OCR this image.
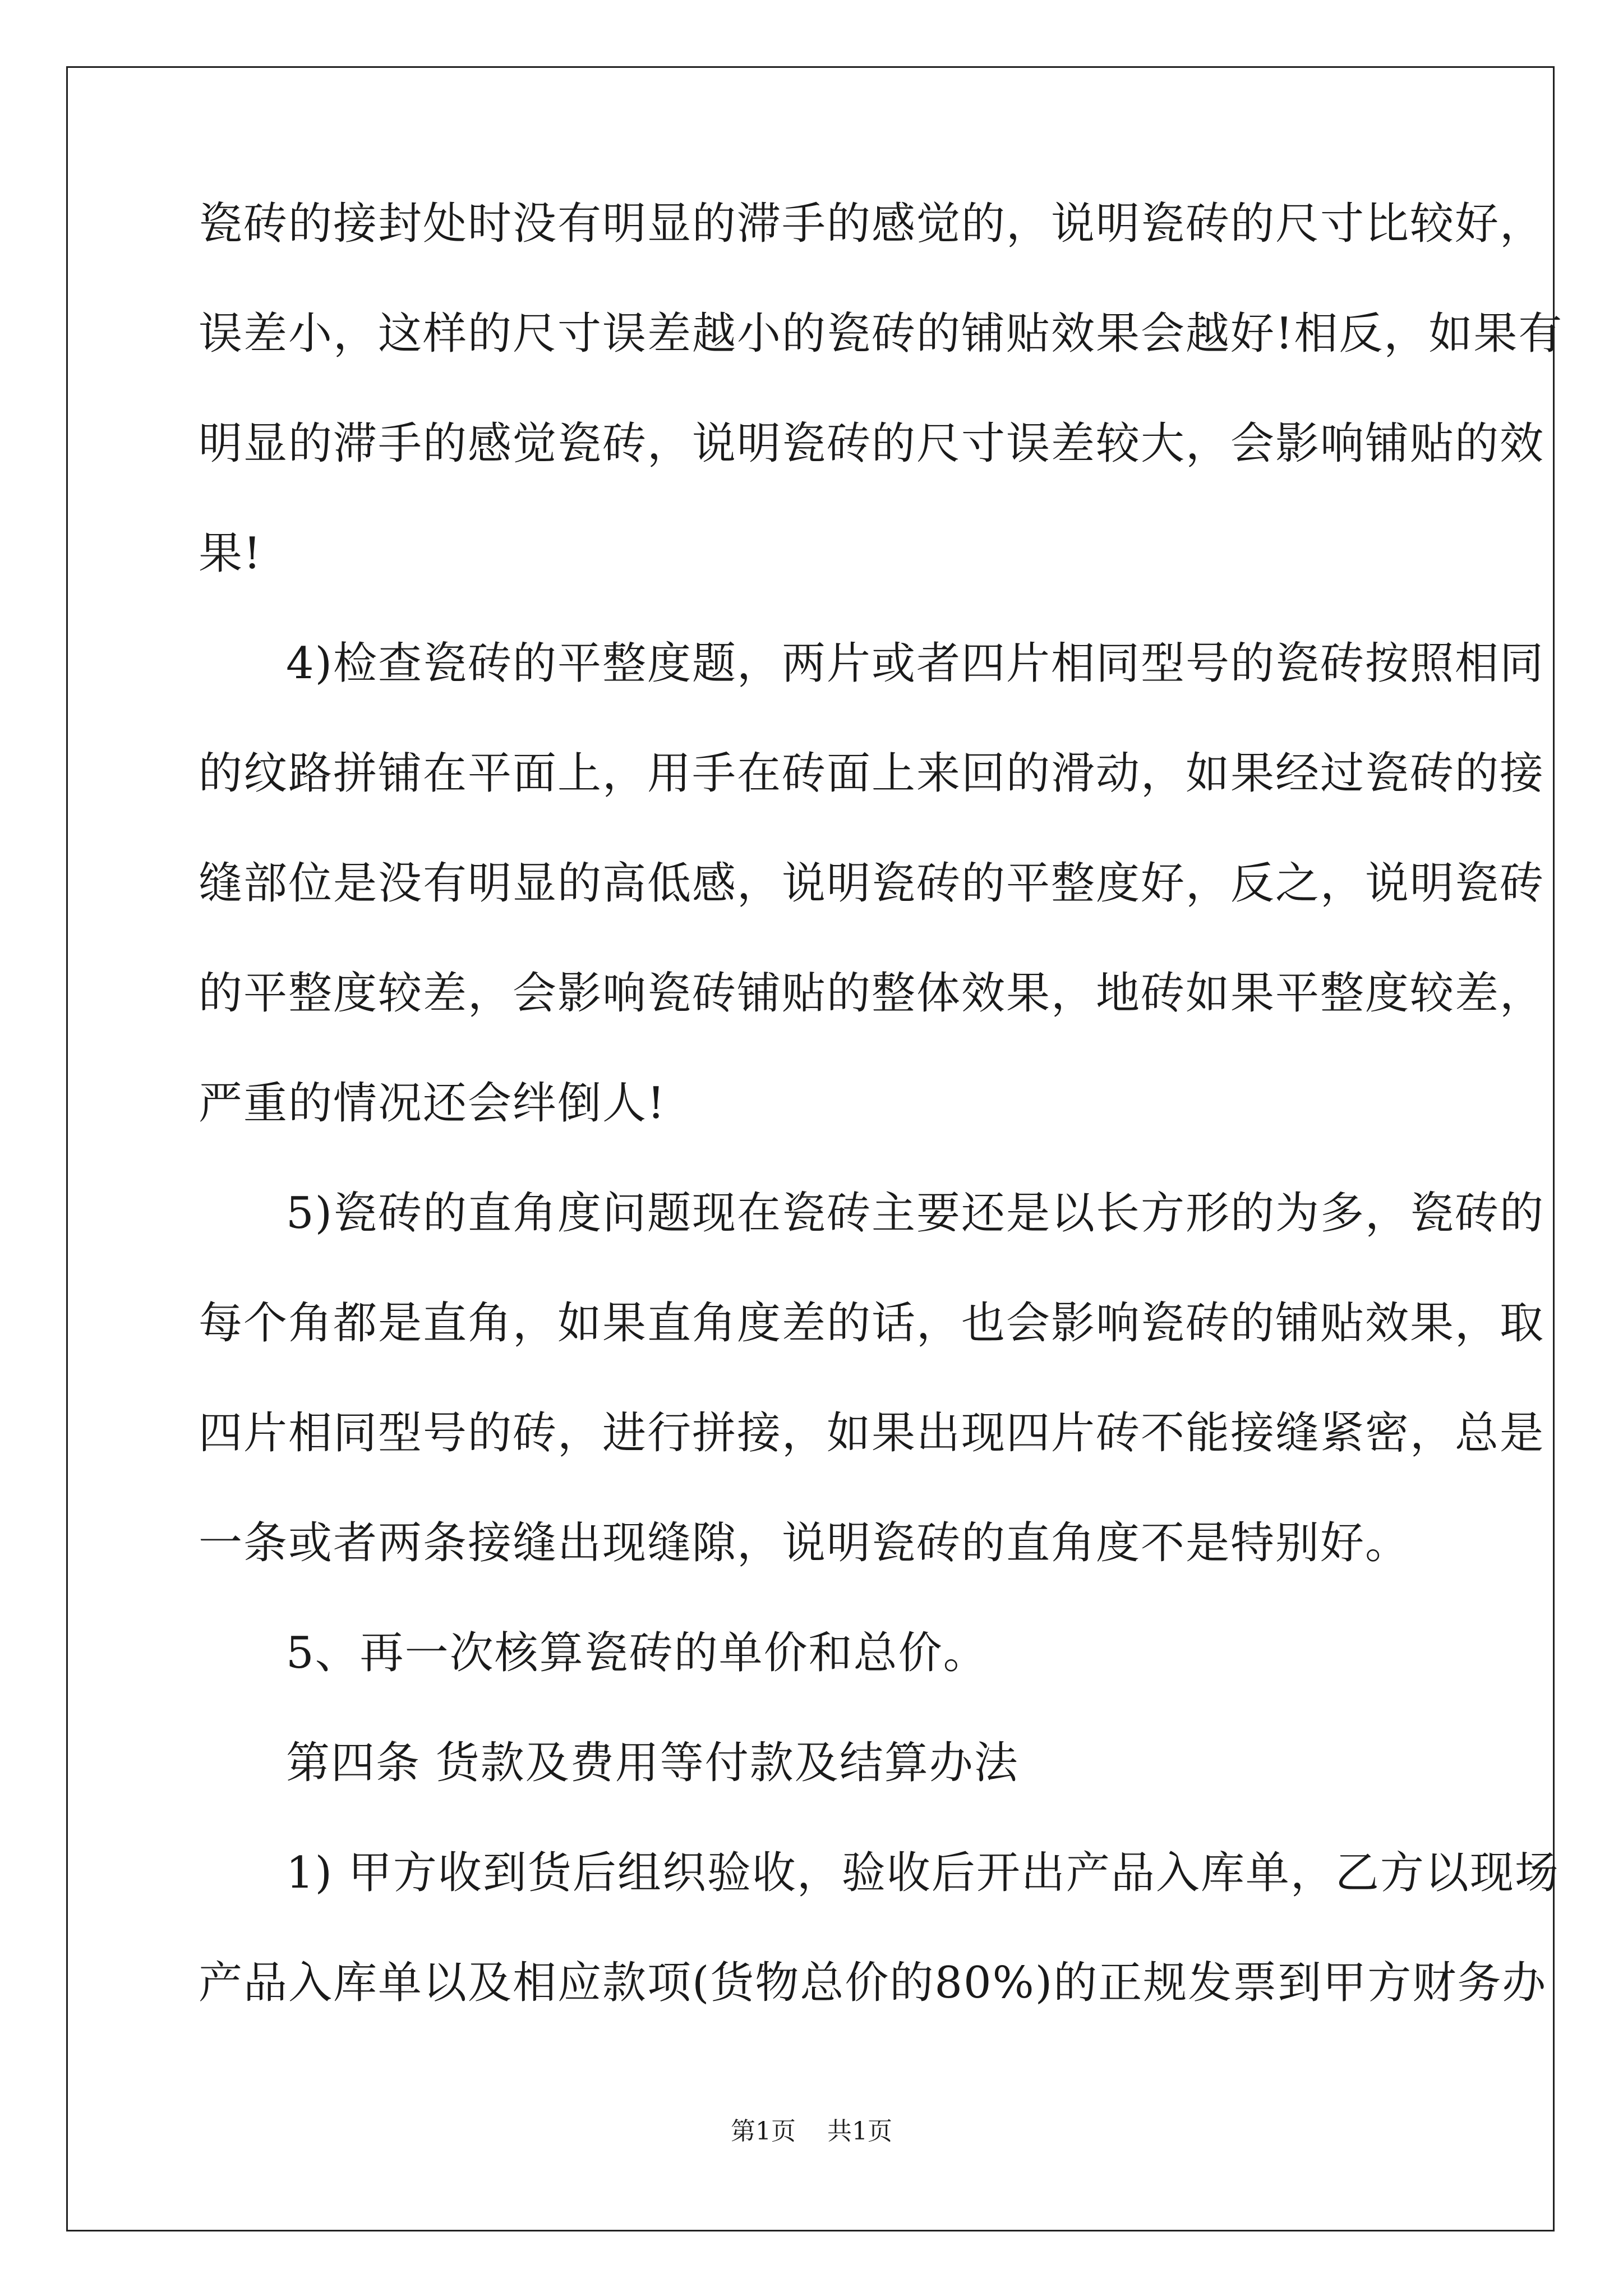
瓷砖的接封处时没有明显的滞手的感觉的，说明瓷砖的尺寸比较好，
误差小，这样的尺寸误差越小的瓷砖的铺贴效果会越好!相反，如果有
明显的滞手的感觉瓷砖，说明瓷砖的尺寸误差较大，会影响铺贴的效
果!
4)检查瓷砖的平整度题，两片或者四片相同型号的瓷砖按照相同
的纹路拼铺在平面上，用手在砖面上来回的滑动，如果经过瓷砖的接
缝部位是没有明显的高低感，说明瓷砖的平整度好，反之，说明瓷砖
的平整度较差，会影响瓷砖铺贴的整体效果，地砖如果平整度较差，
严重的情况还会绊倒人!
5)瓷砖的直角度问题现在瓷砖主要还是以长方形的为多，瓷砖的
每个角都是直角，如果直角度差的话，也会影响瓷砖的铺贴效果，取
四片相同型号的砖，进行拼接，如果出现四片砖不能接缝紧密，总是
一条或者两条接缝出现缝隙，说明瓷砖的直角度不是特别好。
5、再一次核算瓷砖的单价和总价。
第四条 货款及费用等付款及结算办法
1) 甲方收到货后组织验收，验收后开出产品入库单，乙方以现场
产品入库单以及相应款项(货物总价的80%)的正规发票到甲方财务办
第1页 共1页
